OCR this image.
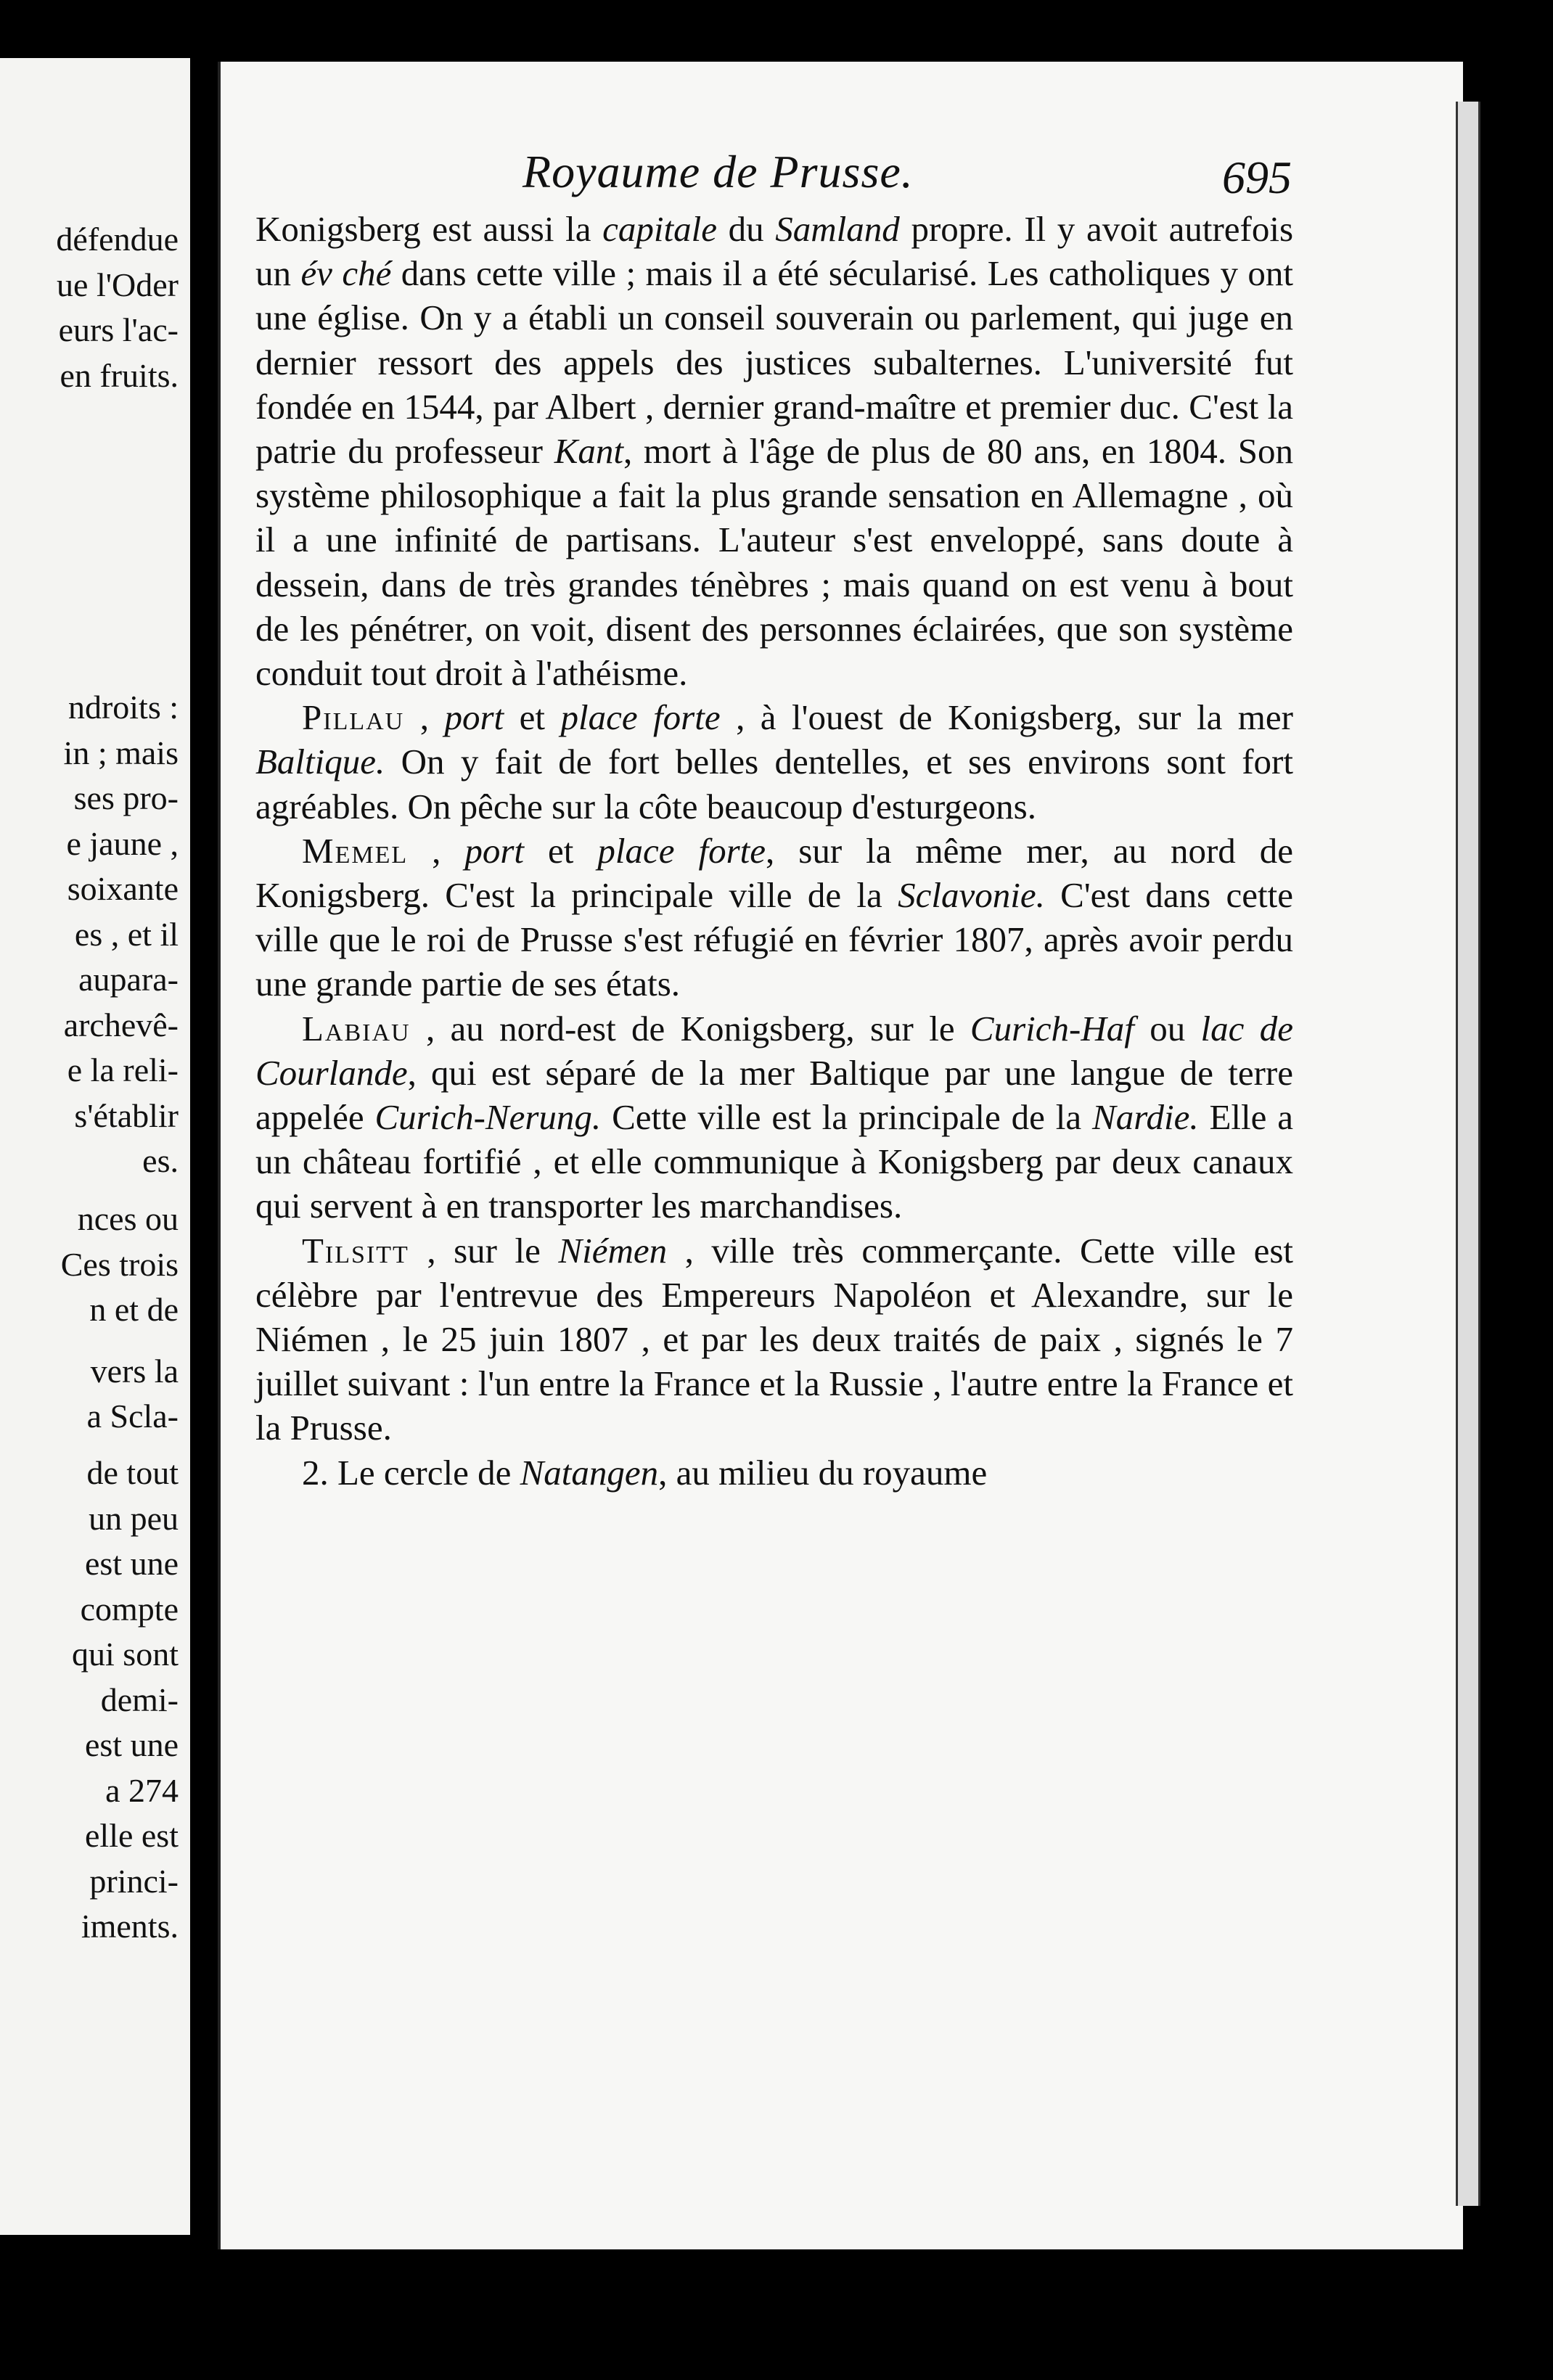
défendue
ue l'Oder
eurs l'ac-
en fruits.
ndroits :
in ; mais
ses pro-
e jaune ,
soixante
es , et il
aupara-
archevê-
e la reli-
s'établir
es.
nces ou
Ces trois
n et de
vers la
a Scla-
de tout
un peu
est une
compte
qui sont
demi-
est une
a 274
elle est
princi-
iments.
Royaume de Prusse.	695

Konigsberg est aussi la capitale du Samland propre. Il y avoit autrefois un év ché dans cette ville ; mais il a été sécularisé. Les catholiques y ont une église. On y a établi un conseil souverain ou parlement, qui juge en dernier ressort des appels des justices subalternes. L'université fut fondée en 1544, par Albert , dernier grand-maître et premier duc. C'est la patrie du professeur Kant, mort à l'âge de plus de 80 ans, en 1804. Son système philosophique a fait la plus grande sensation en Allemagne , où il a une infinité de partisans. L'auteur s'est enveloppé, sans doute à dessein, dans de très grandes ténèbres ; mais quand on est venu à bout de les pénétrer, on voit, disent des personnes éclairées, que son système conduit tout droit à l'athéisme.

Pillau , port et place forte , à l'ouest de Konigsberg, sur la mer Baltique. On y fait de fort belles dentelles, et ses environs sont fort agréables. On pêche sur la côte beaucoup d'esturgeons.

Memel , port et place forte, sur la même mer, au nord de Konigsberg. C'est la principale ville de la Sclavonie. C'est dans cette ville que le roi de Prusse s'est réfugié en février 1807, après avoir perdu une grande partie de ses états.

Labiau , au nord-est de Konigsberg, sur le Curich-Haf ou lac de Courlande, qui est séparé de la mer Baltique par une langue de terre appelée Curich-Nerung. Cette ville est la principale de la Nardie. Elle a un château fortifié , et elle communique à Konigsberg par deux canaux qui servent à en transporter les marchandises.

Tilsitt , sur le Niémen , ville très commerçante. Cette ville est célèbre par l'entrevue des Empereurs Napoléon et Alexandre, sur le Niémen , le 25 juin 1807 , et par les deux traités de paix , signés le 7 juillet suivant : l'un entre la France et la Russie , l'autre entre la France et la Prusse.

2. Le cercle de Natangen, au milieu du royaume
